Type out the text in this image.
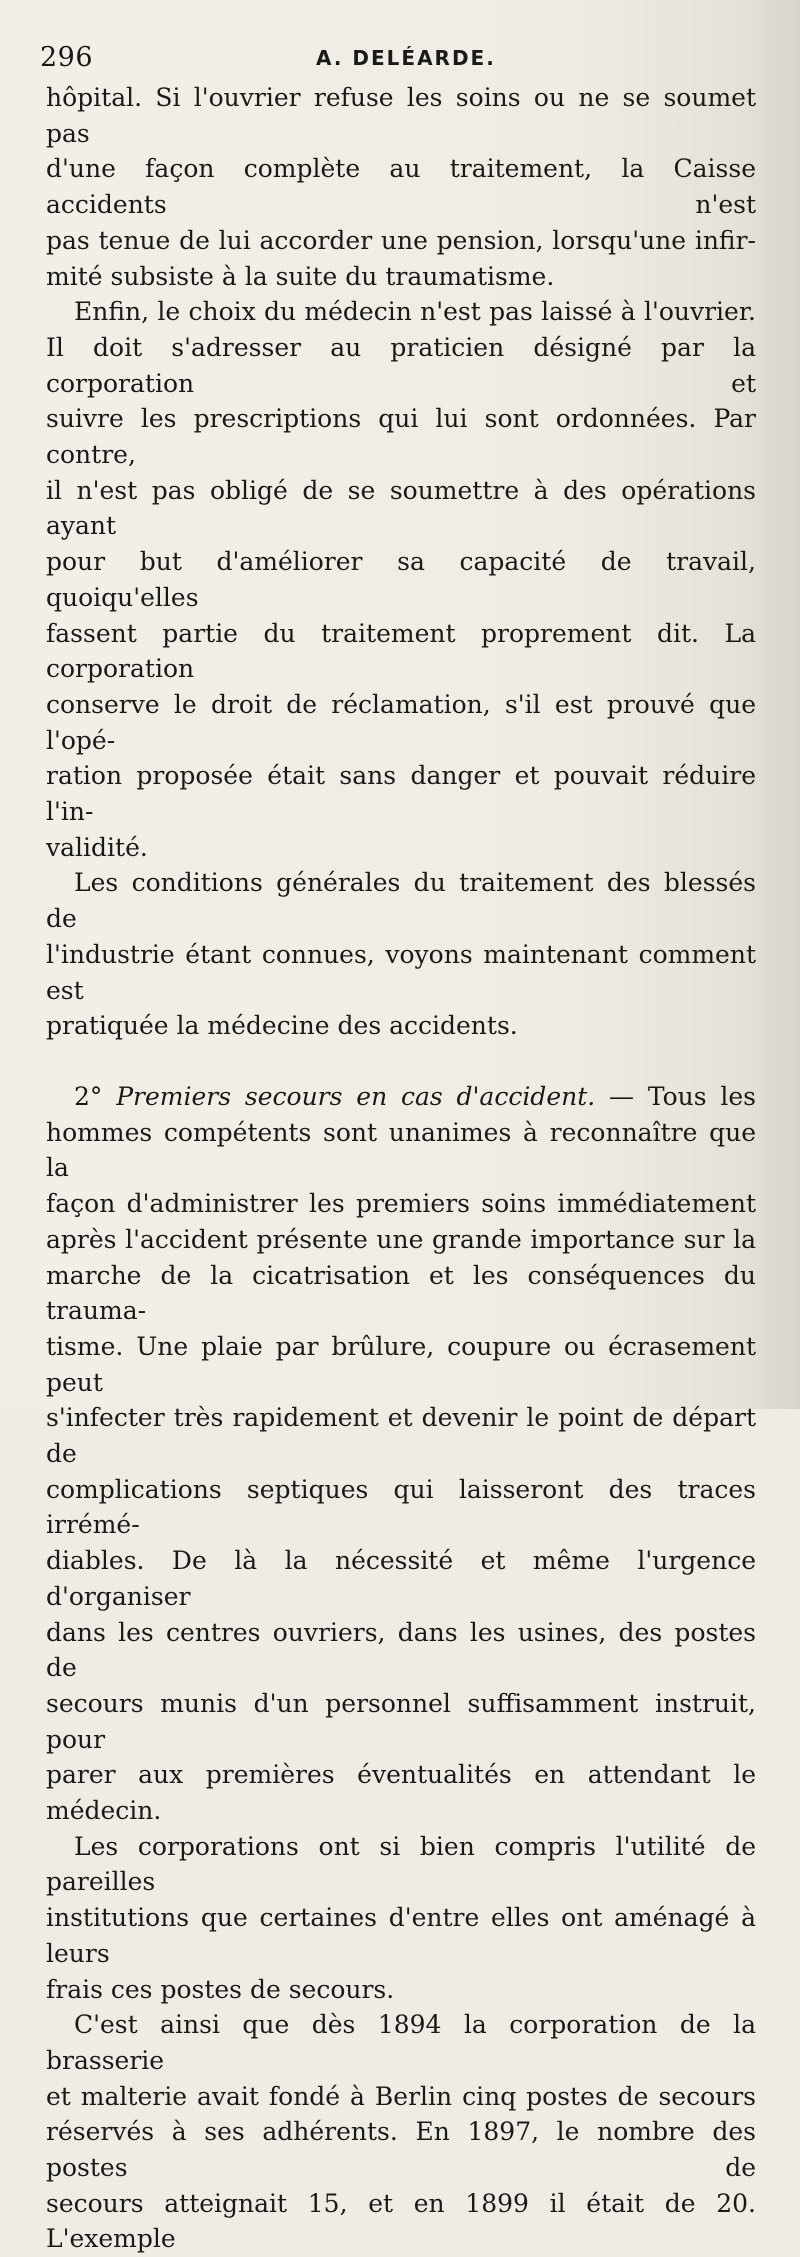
296	A. DELÉARDE.

hôpital. Si l'ouvrier refuse les soins ou ne se soumet pas

d'une façon complète au traitement, la Caisse accidents n'est

pas tenue de lui accorder une pension, lorsqu'une infir-

mité subsiste à la suite du traumatisme.

Enfin, le choix du médecin n'est pas laissé à l'ouvrier.

Il doit s'adresser au praticien désigné par la corporation et

suivre les prescriptions qui lui sont ordonnées. Par contre,

il n'est pas obligé de se soumettre à des opérations ayant

pour but d'améliorer sa capacité de travail, quoiqu'elles

fassent partie du traitement proprement dit. La corporation

conserve le droit de réclamation, s'il est prouvé que l'opé-

ration proposée était sans danger et pouvait réduire l'in-

validité.

Les conditions générales du traitement des blessés de

l'industrie étant connues, voyons maintenant comment est

pratiquée la médecine des accidents.

2° Premiers secours en cas d'accident. — Tous les

hommes compétents sont unanimes à reconnaître que la

façon d'administrer les premiers soins immédiatement

après l'accident présente une grande importance sur la

marche de la cicatrisation et les conséquences du trauma-

tisme. Une plaie par brûlure, coupure ou écrasement peut

s'infecter très rapidement et devenir le point de départ de

complications septiques qui laisseront des traces irrémé-

diables. De là la nécessité et même l'urgence d'organiser

dans les centres ouvriers, dans les usines, des postes de

secours munis d'un personnel suffisamment instruit, pour

parer aux premières éventualités en attendant le médecin.

Les corporations ont si bien compris l'utilité de pareilles

institutions que certaines d'entre elles ont aménagé à leurs

frais ces postes de secours.

C'est ainsi que dès 1894 la corporation de la brasserie

et malterie avait fondé à Berlin cinq postes de secours

réservés à ses adhérents. En 1897, le nombre des postes de

secours atteignait 15, et en 1899 il était de 20. L'exemple
